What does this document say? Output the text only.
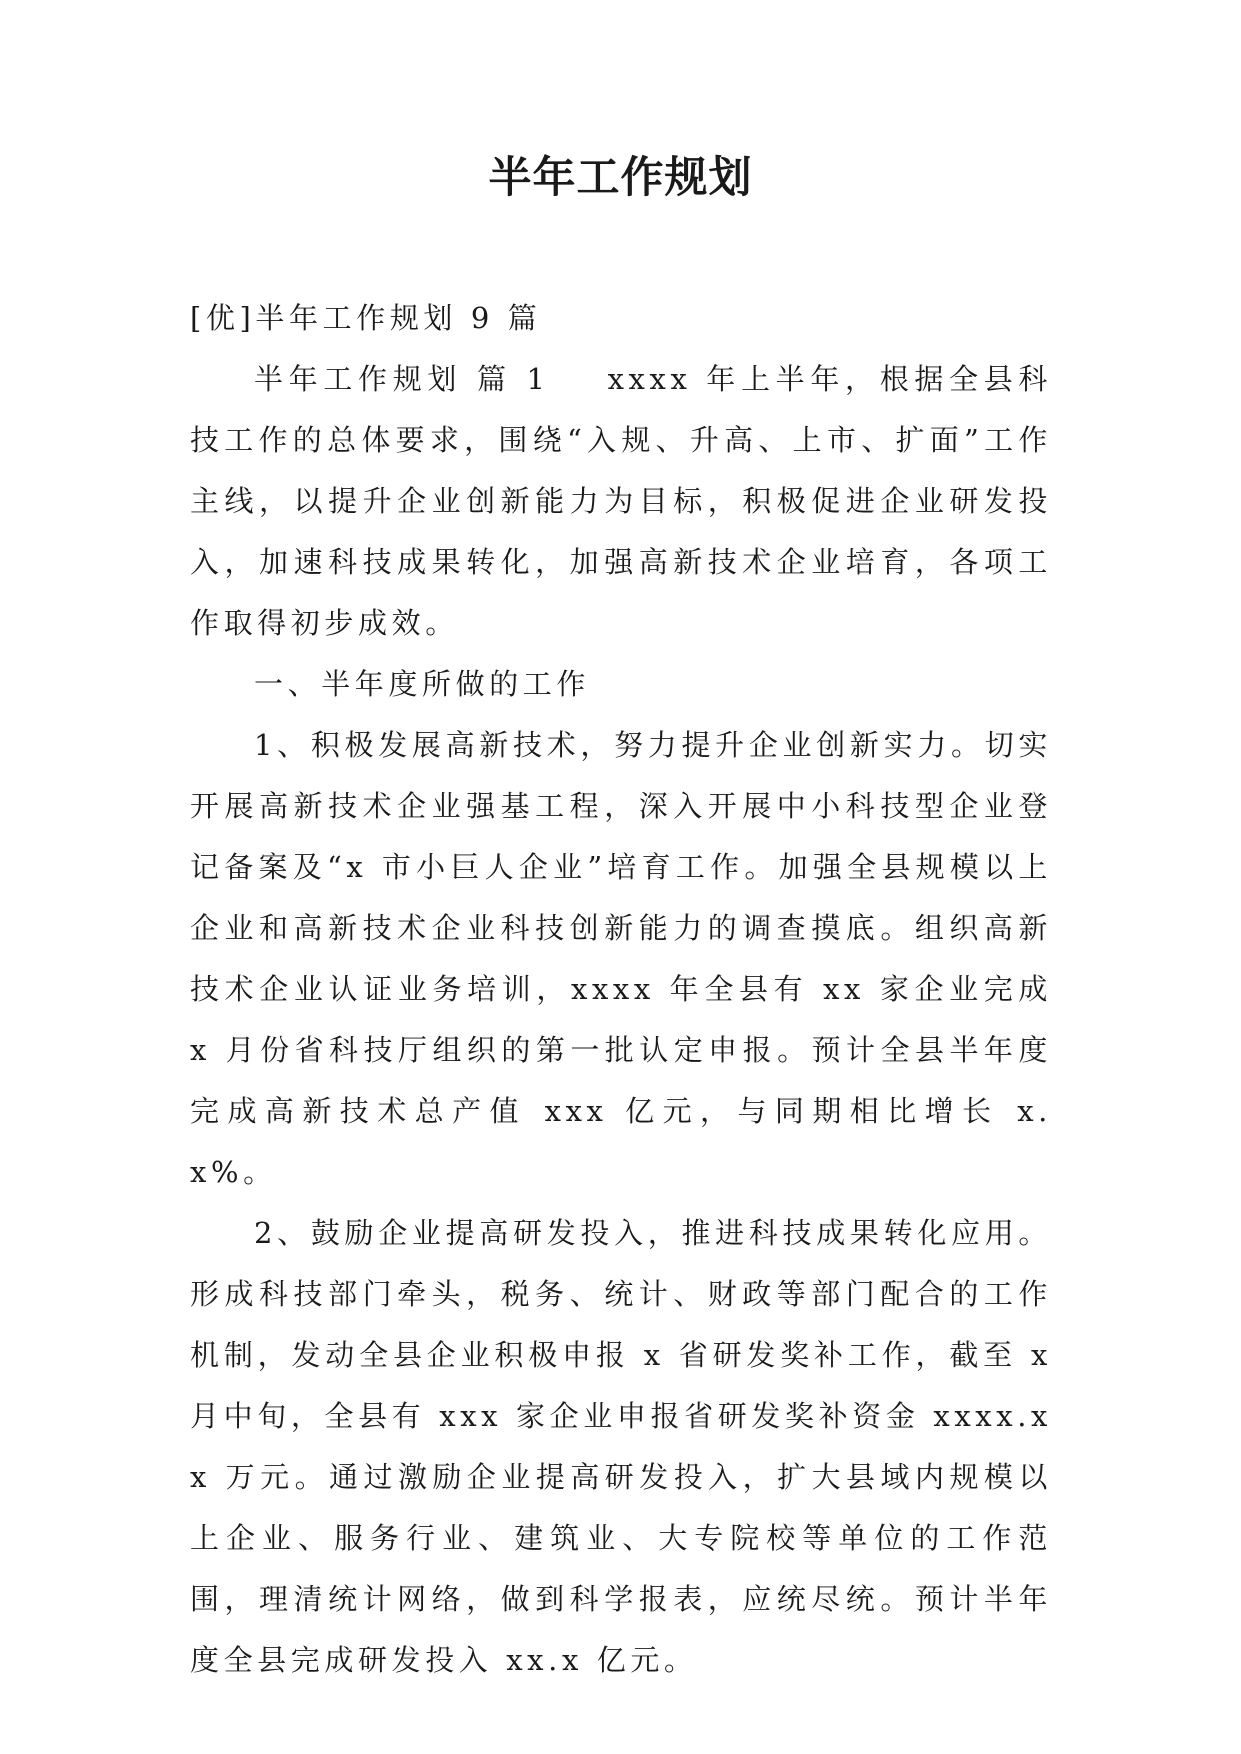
半年工作规划

[优]半年工作规划 9 篇

半年工作规划 篇 1 xxxx 年上半年，根据全县科技工作的总体要求，围绕“入规、升高、上市、扩面”工作主线，以提升企业创新能力为目标，积极促进企业研发投入，加速科技成果转化，加强高新技术企业培育，各项工作取得初步成效。

一、半年度所做的工作

1、积极发展高新技术，努力提升企业创新实力。切实开展高新技术企业强基工程，深入开展中小科技型企业登记备案及“x 市小巨人企业”培育工作。加强全县规模以上企业和高新技术企业科技创新能力的调查摸底。组织高新技术企业认证业务培训，xxxx 年全县有 xx 家企业完成 x 月份省科技厅组织的第一批认定申报。预计全县半年度完成高新技术总产值 xxx 亿元，与同期相比增长 x.x%。

2、鼓励企业提高研发投入，推进科技成果转化应用。形成科技部门牵头，税务、统计、财政等部门配合的工作机制，发动全县企业积极申报 x 省研发奖补工作，截至 x 月中旬，全县有 xxx 家企业申报省研发奖补资金 xxxx.xx 万元。通过激励企业提高研发投入，扩大县域内规模以上企业、服务行业、建筑业、大专院校等单位的工作范围，理清统计网络，做到科学报表，应统尽统。预计半年度全县完成研发投入 xx.x 亿元。
